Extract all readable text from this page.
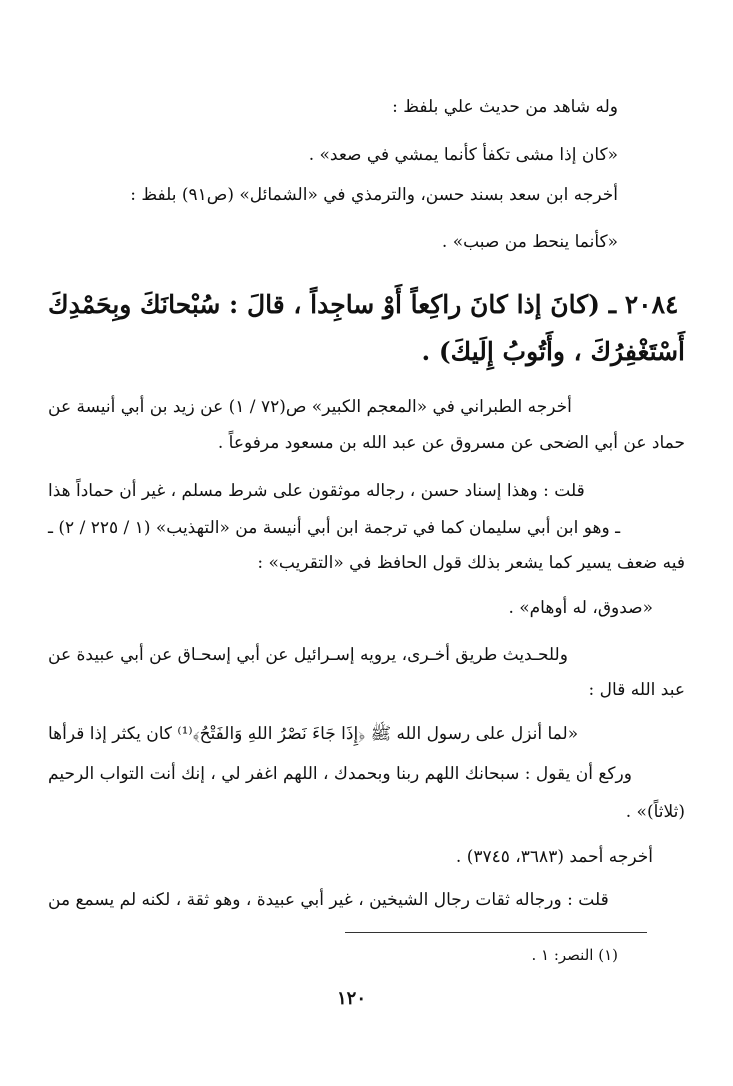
وله شاهد من حديث علي بلفظ :
«كان إذا مشى تكفأ كأنما يمشي في صعد» .
أخرجه ابن سعد بسند حسن، والترمذي في «الشمائل» (ص٩١) بلفظ :
«كأنما ينحط من صبب» .
٢٠٨٤ ـ (كانَ إذا كانَ راكِعاً أَوْ ساجِداً ، قالَ : سُبْحانَكَ وبِحَمْدِكَ
أَسْتَغْفِرُكَ ، وأَتُوبُ إِلَيكَ) .
أخرجه الطبراني في «المعجم الكبير» ص(٧٢ / ١) عن زيد بن أبي أنيسة عن
حماد عن أبي الضحى عن مسروق عن عبد الله بن مسعود مرفوعاً .
قلت : وهذا إسناد حسن ، رجاله موثقون على شرط مسلم ، غير أن حماداً هذا
ـ وهو ابن أبي سليمان كما في ترجمة ابن أبي أنيسة من «التهذيب» (١ / ٢٢٥ / ٢) ـ
فيه ضعف يسير كما يشعر بذلك قول الحافظ في «التقريب» :
«صدوق، له أوهام» .
وللحـديث طريق أخـرى، يرويه إسـرائيل عن أبي إسحـاق عن أبي عبيدة عن
عبد الله قال :
«لما أنزل على رسول الله ﷺ ﴿إِذَا جَاءَ نَصْرُ اللهِ وَالفَتْحُ﴾⁽¹⁾ كان يكثر إذا قرأها
وركع أن يقول : سبحانك اللهم ربنا وبحمدك ، اللهم اغفر لي ، إنك أنت التواب الرحيم
(ثلاثاً)» .
أخرجه أحمد (٣٦٨٣، ٣٧٤٥) .
قلت : ورجاله ثقات رجال الشيخين ، غير أبي عبيدة ، وهو ثقة ، لكنه لم يسمع من
(١) النصر: ١ .
١٢٠
